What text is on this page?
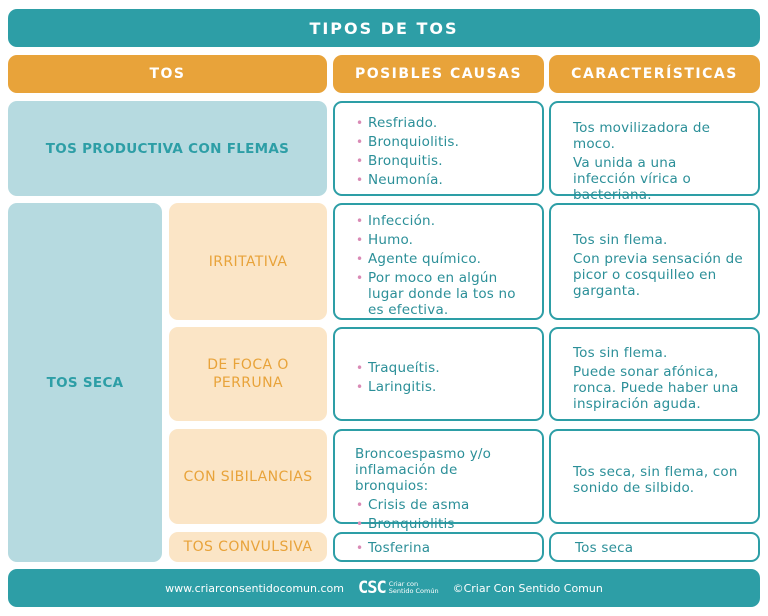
TIPOS DE TOS
TOS	POSIBLES CAUSAS	CARACTERÍSTICAS
TOS PRODUCTIVA CON FLEMAS
• Resfriado.
• Bronquiolitis.
• Bronquitis.
• Neumonía.

Tos movilizadora de moco.

Va unida a una infección vírica o bacteriana.

TOS SECA
IRRITATIVA
• Infección.
• Humo.
• Agente químico.
• Por moco en algún lugar donde la tos no es efectiva.

Tos sin flema.

Con previa sensación de picor o cosquilleo en garganta.

DE FOCA O PERRUNA
• Traqueítis.
• Laringitis.

Tos sin flema.

Puede sonar afónica, ronca. Puede haber una inspiración aguda.

CON SIBILANCIAS

Broncoespasmo y/o inflamación de bronquios:

• Crisis de asma
• Bronquiolitis

Tos seca, sin flema, con sonido de silbido.

TOS CONVULSIVA
•	Tosferina	Tos seca

www.criarconsentidocomun.com CSC Criar con
Sentido Común ©Criar Con Sentido Comun
